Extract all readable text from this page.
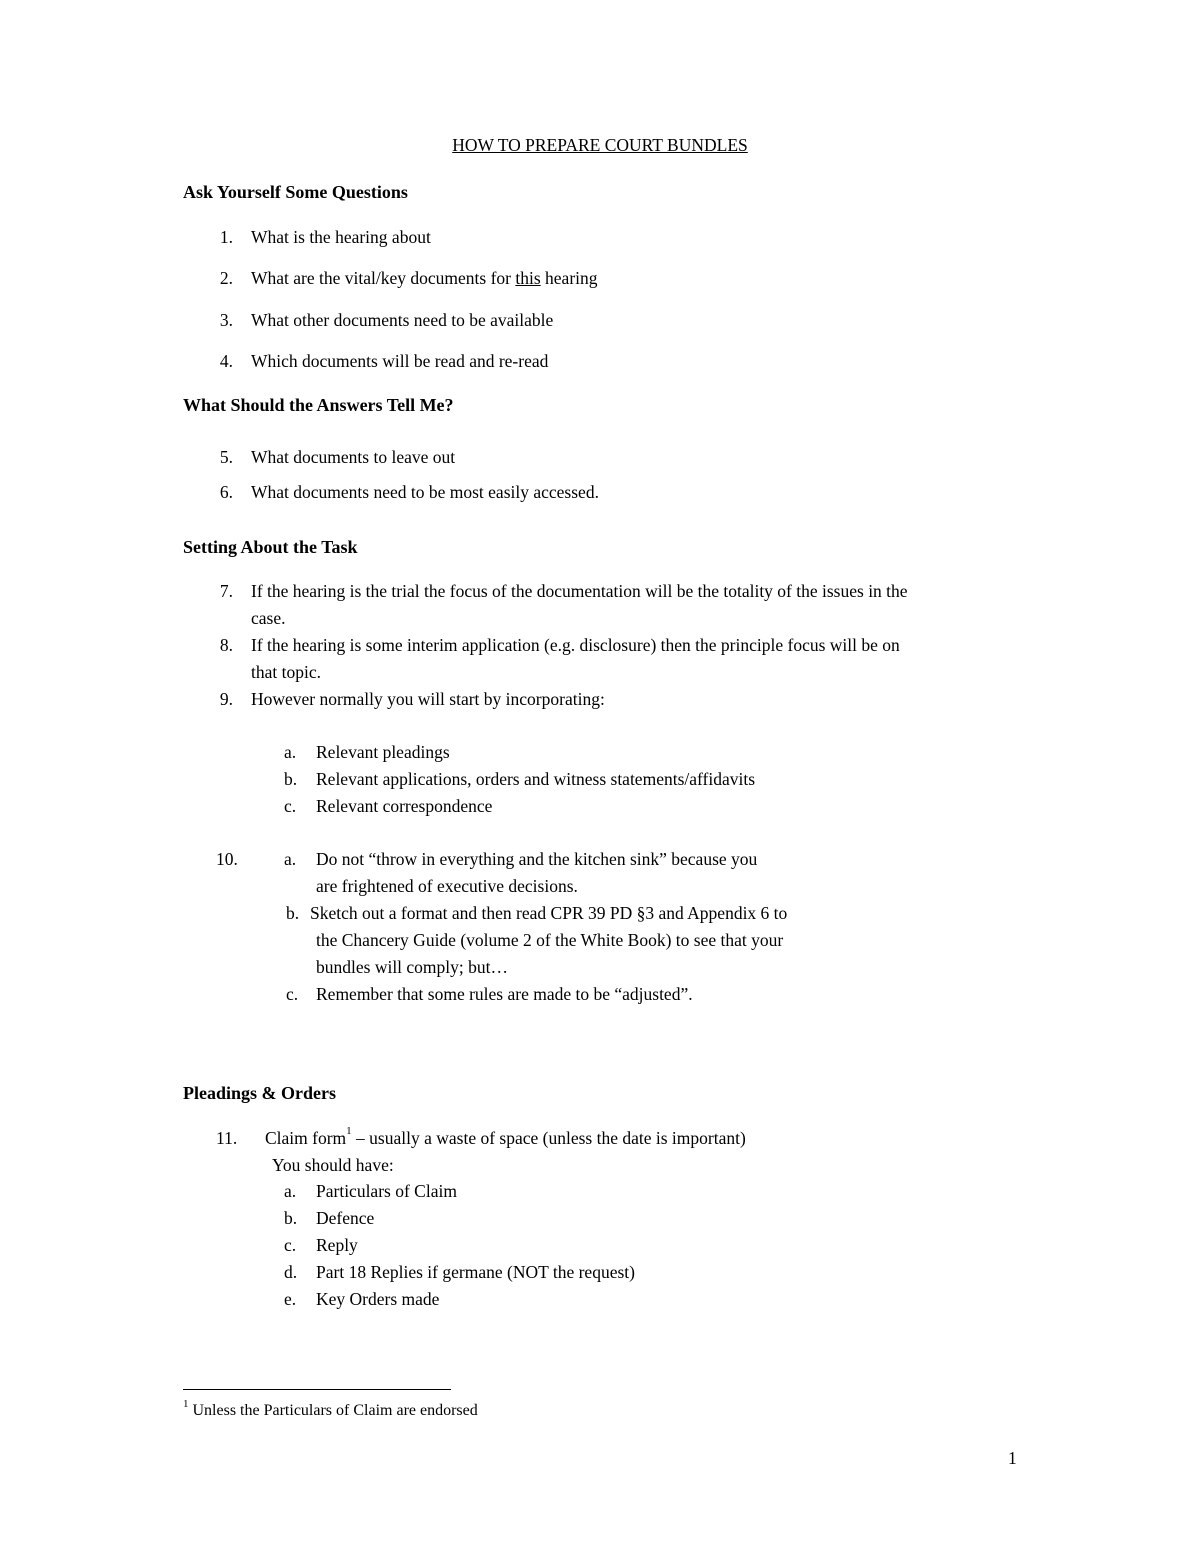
HOW TO PREPARE COURT BUNDLES
Ask Yourself Some Questions
1. What is the hearing about
2. What are the vital/key documents for this hearing
3. What other documents need to be available
4. Which documents will be read and re-read
What Should the Answers Tell Me?
5. What documents to leave out
6. What documents need to be most easily accessed.
Setting About the Task
7. If the hearing is the trial the focus of the documentation will be the totality of the issues in the
case.
8. If the hearing is some interim application (e.g. disclosure) then the principle focus will be on
that topic.
9. However normally you will start by incorporating:
a. Relevant pleadings
b. Relevant applications, orders and witness statements/affidavits
c. Relevant correspondence
10.	a. Do not “throw in everything and the kitchen sink” because you
are frightened of executive decisions.
b. Sketch out a format and then read CPR 39 PD §3 and Appendix 6 to
the Chancery Guide (volume 2 of the White Book) to see that your
bundles will comply; but…
c. Remember that some rules are made to be “adjusted”.
Pleadings & Orders
11. Claim form$^1$ – usually a waste of space (unless the date is important)
You should have:
a. Particulars of Claim
b. Defence
c. Reply
d. Part 18 Replies if germane (NOT the request)
e. Key Orders made
$^1$ Unless the Particulars of Claim are endorsed
1
